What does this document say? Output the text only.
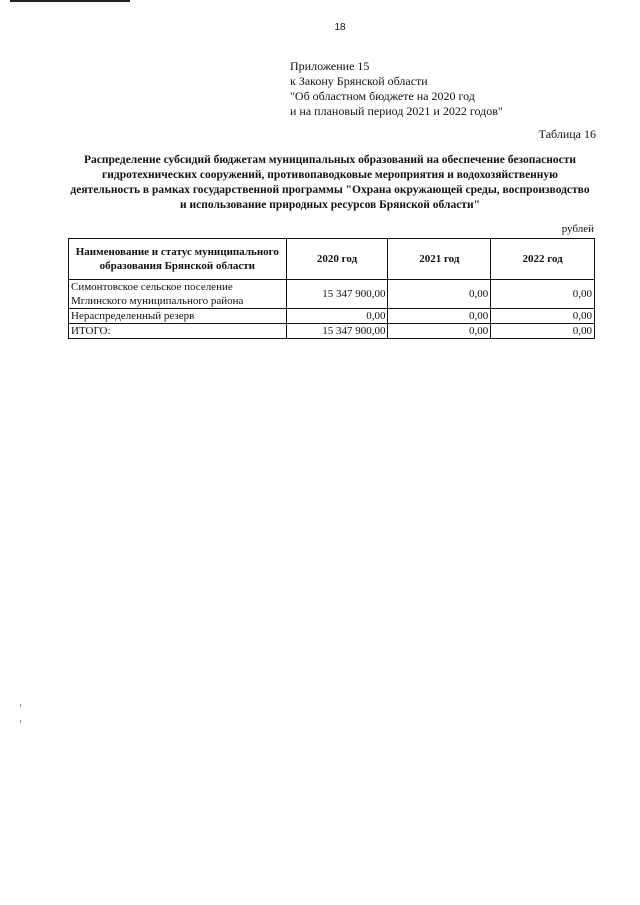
18
Приложение 15
к Закону Брянской области
"Об областном бюджете на 2020 год
и на плановый период 2021 и 2022 годов"
Таблица 16
Распределение субсидий бюджетам муниципальных образований на обеспечение безопасности
гидротехнических сооружений, противопаводковые мероприятия и водохозяйственную
деятельность в рамках государственной программы "Охрана окружающей среды, воспроизводство
и использование природных ресурсов Брянской области"
рублей
Наименование и статус муниципального образования Брянской области	2020 год	2021 год	2022 год

Симонтовское сельское поселение
Мглинского муниципального района	15 347 900,00	0,00	0,00
Нераспределенный резерв	0,00	0,00	0,00
ИТОГО:	15 347 900,00	0,00	0,00
